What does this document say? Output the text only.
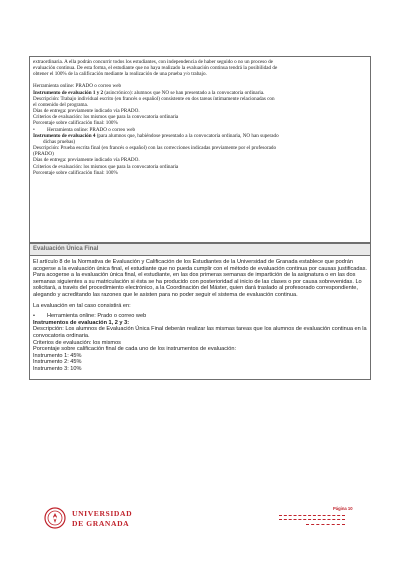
extraordinaria. A ella podrán concurrir todos los estudiantes, con independencia de haber seguido o no un proceso de

evaluación continua. De esta forma, el estudiante que no haya realizado la evaluación continua tendrá la posibilidad de

obtener el 100% de la calificación mediante la realización de una prueba y/o trabajo.

Herramienta online: PRADO o correo web

Instrumento de evaluación 1 y 2 (asincrónico): alumnos que NO se han presentado a la convocatoria ordinaria.

Descripción: Trabajo individual escrito (en francés o español) consistente en dos tareas íntimamente relacionadas con

el contenido del programa.

Días de entrega: previamente indicado vía PRADO.

Criterios de evaluación: los mismos que para la convocatoria ordinaria

Porcentaje sobre calificación final: 100%

•	Herramienta online: PRADO o correo web

Instrumento de evaluación 4 (para alumnos que, habiéndose presentado a la convocatoria ordinaria, NO han superado

dichas pruebas)

Descripción: Prueba escrita final (en francés o español) con las correcciones indicadas previamente por el profesorado

(PRADO)

Días de entrega: previamente indicado vía PRADO.

Criterios de evaluación: los mismos que para la convocatoria ordinaria

Porcentaje sobre calificación final: 100%

Evaluación Única Final

El artículo 8 de la Normativa de Evaluación y Calificación de los Estudiantes de la Universidad de Granada establece que podrán acogerse a la evaluación única final, el estudiante que no pueda cumplir con el método de evaluación continua por causas justificadas.

Para acogerse a la evaluación única final, el estudiante, en las dos primeras semanas de impartición de la asignatura o en las dos semanas siguientes a su matriculación si ésta se ha producido con posterioridad al inicio de las clases o por causa sobrevenidas. Lo solicitará, a través del procedimiento electrónico, a la Coordinación del Máster, quien dará traslado al profesorado correspondiente, alegando y acreditando las razones que le asisten para no poder seguir el sistema de evaluación continua.

La evaluación en tal caso consistirá en:

•	Herramienta online: Prado o correo web

Instrumentos de evaluación 1, 2 y 3:

Descripción: Los alumnos de Evaluación Única Final deberán realizar las mismas tareas que los alumnos de evaluación continua en la convocatoria ordinaria.

Criterios de evaluación: los mismos

Porcentaje sobre calificación final de cada uno de los instrumentos de evaluación:

Instrumento 1: 45%

Instrumento 2: 45%

Instrumento 3: 10%

UNIVERSIDAD
DE GRANADA
Página 10
